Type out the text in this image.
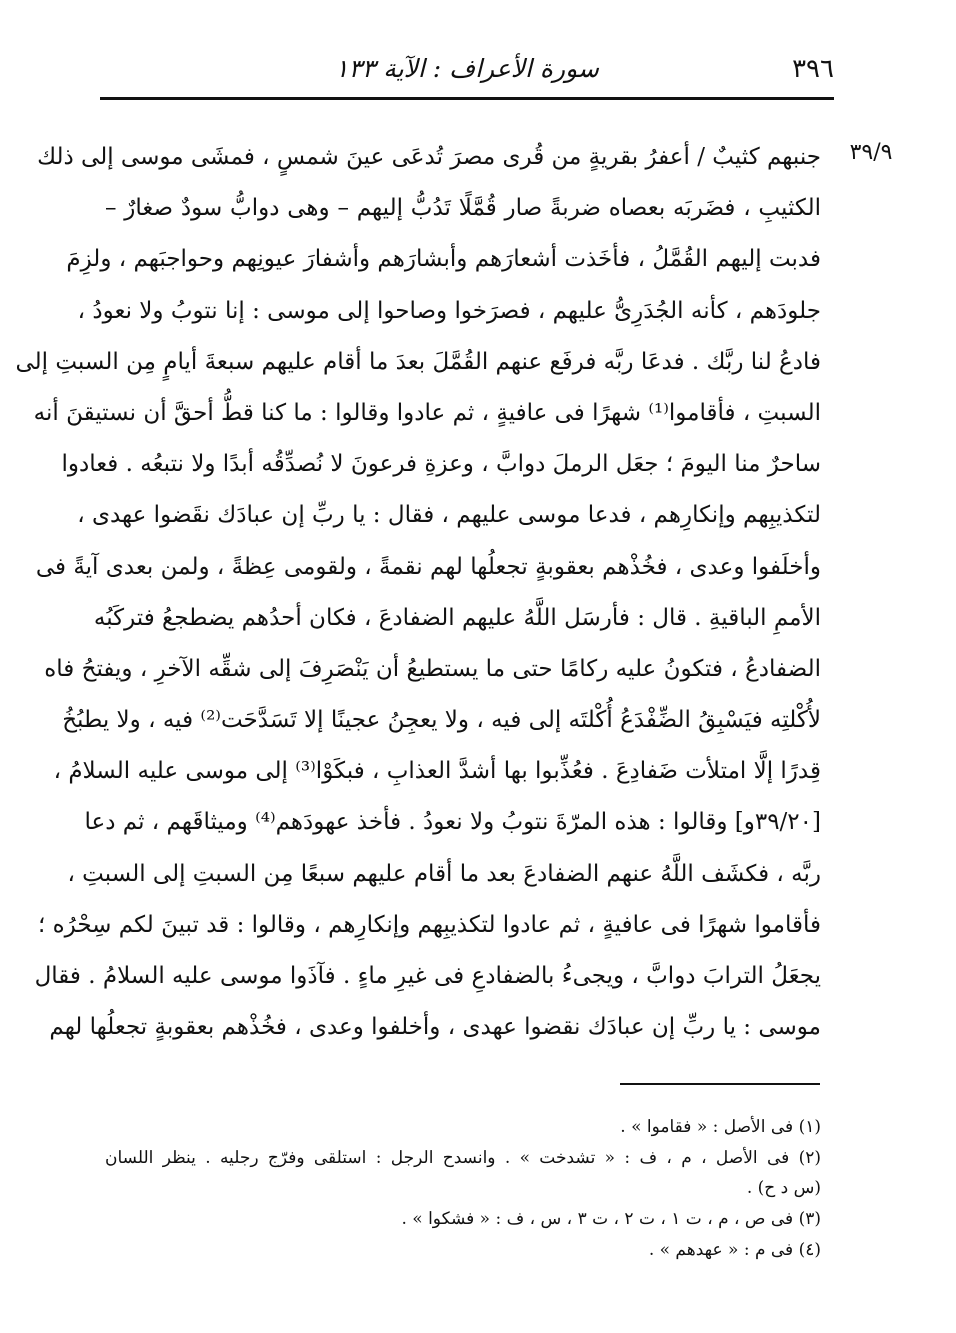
٣٩٦
سورة الأعراف : الآية ١٣٣
٣٩/٩
جنبهم كثيبٌ / أعفرُ بقريةٍ من قُرى مصرَ تُدعَى عينَ شمسٍ ، فمشَى موسى إلى ذلك
الكثيبِ ، فضَربَه بعصاه ضربةً صار قُمَّلًا تَدُبُّ إليهم – وهى دوابُّ سودٌ صغارٌ –
فدبت إليهم القُمَّلُ ، فأخَذت أشعارَهم وأبشارَهم وأشفارَ عيونِهم وحواجبَهم ، ولزِمَ
جلودَهم ، كأنه الجُدَرِىُّ عليهم ، فصرَخوا وصاحوا إلى موسى : إنا نتوبُ ولا نعودُ ،
فادعُ لنا ربَّك . فدعَا ربَّه فرفَع عنهم القُمَّلَ بعدَ ما أقام عليهم سبعةَ أيامٍ مِن السبتِ إلى
السبتِ ، فأقاموا⁽¹⁾ شهرًا فى عافيةٍ ، ثم عادوا وقالوا : ما كنا قطُّ أحقَّ أن نستيقنَ أنه
ساحرٌ منا اليومَ ؛ جعَل الرملَ دوابَّ ، وعزةِ فرعونَ لا نُصدِّقُه أبدًا ولا نتبعُه . فعادوا
لتكذيبِهم وإنكارِهم ، فدعا موسى عليهم ، فقال : يا ربِّ إن عبادَك نقَضوا عهدى ،
وأخلَفوا وعدى ، فخُذْهم بعقوبةٍ تجعلُها لهم نقمةً ، ولقومى عِظةً ، ولمن بعدى آيةً فى
الأممِ الباقيةِ . قال : فأرسَل اللَّهُ عليهم الضفادعَ ، فكان أحدُهم يضطجعُ فتركَبُه
الضفادعُ ، فتكونُ عليه ركامًا حتى ما يستطيعُ أن يَنْصَرِفَ إلى شقِّه الآخرِ ، ويفتحُ فاه
لأُكْلتِه فيَسْبِقُ الضِّفْدَعُ أُكْلتَه إلى فيه ، ولا يعجِنُ عجينًا إلا تَسَدَّحَت⁽²⁾ فيه ، ولا يطبُخُ
قِدرًا إلَّا امتلأت ضَفادِعَ . فعُذِّبوا بها أشدَّ العذابِ ، فبكَوْا⁽³⁾ إلى موسى عليه السلامُ ،
[٣٩/٢٠و] وقالوا : هذه المرّةَ نتوبُ ولا نعودُ . فأخذ عهودَهم⁽⁴⁾ وميثاقَهم ، ثم دعا
ربَّه ، فكشَف اللَّهُ عنهم الضفادعَ بعد ما أقام عليهم سبعًا مِن السبتِ إلى السبتِ ،
فأقاموا شهرًا فى عافيةٍ ، ثم عادوا لتكذيبِهم وإنكارِهم ، وقالوا : قد تبينَ لكم سِحْرُه ؛
يجعَلُ الترابَ دوابَّ ، ويجىءُ بالضفادعِ فى غيرِ ماءٍ . فآذَوا موسى عليه السلامُ . فقال
موسى : يا ربِّ إن عبادَك نقضوا عهدى ، وأخلفوا وعدى ، فخُذْهم بعقوبةٍ تجعلُها لهم
(١) فى الأصل : « فقاموا » .
(٢) فى الأصل ، م ، ف : « تشدخت » . وانسدح الرجل : استلقى وفرّج رجليه . ينظر اللسان
(س د ح) .
(٣) فى ص ، م ، ت ١ ، ت ٢ ، ت ٣ ، س ، ف : « فشكوا » .
(٤) فى م : « عهدهم » .
